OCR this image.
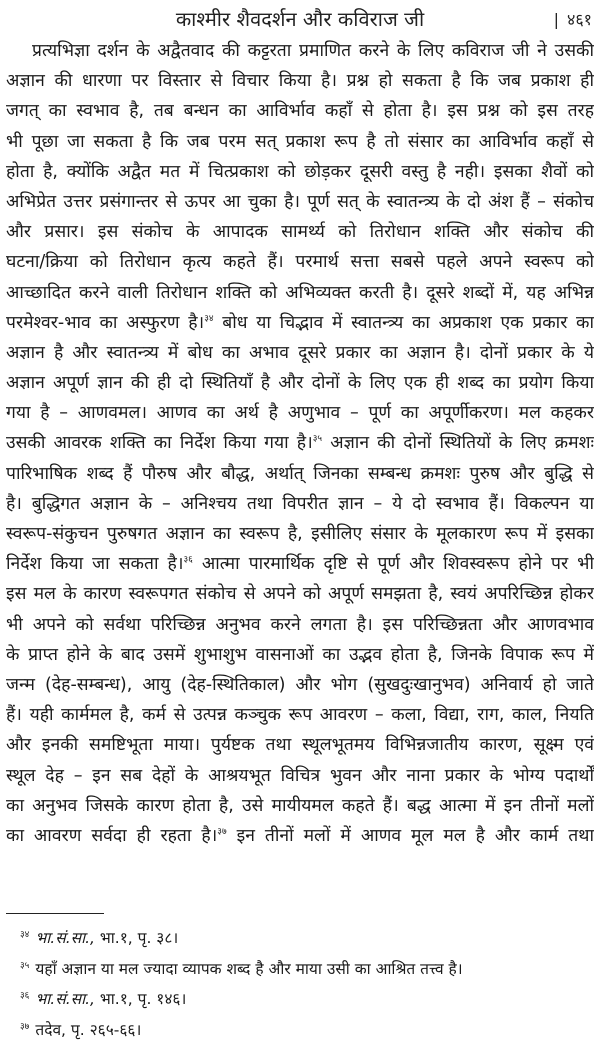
काश्मीर शैवदर्शन और कविराज जी	| ४६१
प्रत्यभिज्ञा दर्शन के अद्वैतवाद की कट्टरता प्रमाणित करने के लिए कविराज जी ने उसकी
अज्ञान की धारणा पर विस्तार से विचार किया है। प्रश्न हो सकता है कि जब प्रकाश ही
जगत् का स्वभाव है, तब बन्धन का आविर्भाव कहाँ से होता है। इस प्रश्न को इस तरह
भी पूछा जा सकता है कि जब परम सत् प्रकाश रूप है तो संसार का आविर्भाव कहाँ से
होता है, क्योंकि अद्वैत मत में चित्प्रकाश को छोड़कर दूसरी वस्तु है नही। इसका शैवों को
अभिप्रेत उत्तर प्रसंगान्तर से ऊपर आ चुका है। पूर्ण सत् के स्वातन्त्र्य के दो अंश हैं – संकोच
और प्रसार। इस संकोच के आपादक सामर्थ्य को तिरोधान शक्ति और संकोच की
घटना/क्रिया को तिरोधान कृत्य कहते हैं। परमार्थ सत्ता सबसे पहले अपने स्वरूप को
आच्छादित करने वाली तिरोधान शक्ति को अभिव्यक्त करती है। दूसरे शब्दों में, यह अभिन्न
परमेश्वर-भाव का अस्फुरण है।$^{३४}$ बोध या चिद्भाव में स्वातन्त्र्य का अप्रकाश एक प्रकार का
अज्ञान है और स्वातन्त्र्य में बोध का अभाव दूसरे प्रकार का अज्ञान है। दोनों प्रकार के ये
अज्ञान अपूर्ण ज्ञान की ही दो स्थितियाँ है और दोनों के लिए एक ही शब्द का प्रयोग किया
गया है – आणवमल। आणव का अर्थ है अणुभाव – पूर्ण का अपूर्णीकरण। मल कहकर
उसकी आवरक शक्ति का निर्देश किया गया है।$^{३५}$ अज्ञान की दोनों स्थितियों के लिए क्रमशः
पारिभाषिक शब्द हैं पौरुष और बौद्ध, अर्थात् जिनका सम्बन्ध क्रमशः पुरुष और बुद्धि से
है। बुद्धिगत अज्ञान के – अनिश्चय तथा विपरीत ज्ञान – ये दो स्वभाव हैं। विकल्पन या
स्वरूप-संकुचन पुरुषगत अज्ञान का स्वरूप है, इसीलिए संसार के मूलकारण रूप में इसका
निर्देश किया जा सकता है।$^{३६}$ आत्मा पारमार्थिक दृष्टि से पूर्ण और शिवस्वरूप होने पर भी
इस मल के कारण स्वरूपगत संकोच से अपने को अपूर्ण समझता है, स्वयं अपरिच्छिन्न होकर
भी अपने को सर्वथा परिच्छिन्न अनुभव करने लगता है। इस परिच्छिन्नता और आणवभाव
के प्राप्त होने के बाद उसमें शुभाशुभ वासनाओं का उद्भव होता है, जिनके विपाक रूप में
जन्म (देह-सम्बन्ध), आयु (देह-स्थितिकाल) और भोग (सुखदुःखानुभव) अनिवार्य हो जाते
हैं। यही कार्ममल है, कर्म से उत्पन्न कञ्चुक रूप आवरण – कला, विद्या, राग, काल, नियति
और इनकी समष्टिभूता माया। पुर्यष्टक तथा स्थूलभूतमय विभिन्नजातीय कारण, सूक्ष्म एवं
स्थूल देह – इन सब देहों के आश्रयभूत विचित्र भुवन और नाना प्रकार के भोग्य पदार्थों
का अनुभव जिसके कारण होता है, उसे मायीयमल कहते हैं। बद्ध आत्मा में इन तीनों मलों
का आवरण सर्वदा ही रहता है।$^{३७}$ इन तीनों मलों में आणव मूल मल है और कार्म तथा
$^{३४}$ भा.सं.सा., भा.१, पृ. ३८।
$^{३५}$ यहाँ अज्ञान या मल ज्यादा व्यापक शब्द है और माया उसी का आश्रित तत्त्व है।
$^{३६}$ भा.सं.सा., भा.१, पृ. १४६।
$^{३७}$ तदेव, पृ. २६५-६६।
